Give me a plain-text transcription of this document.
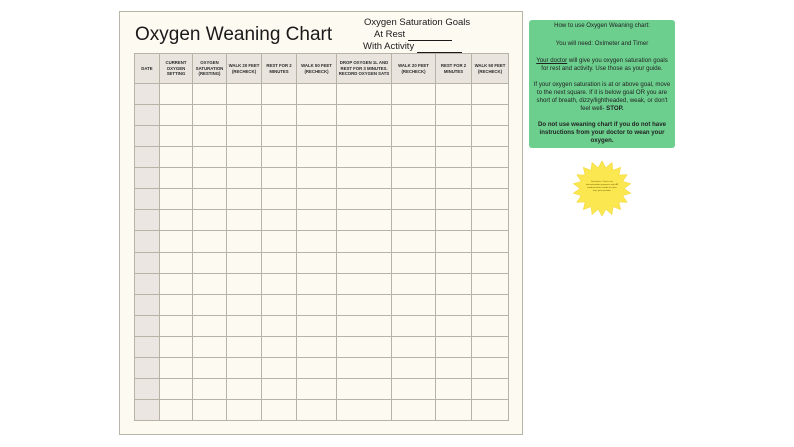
Oxygen Weaning Chart
Oxygen Saturation Goals
At Rest
With Activity
DATE	CURRENT OXYGEN SETTING	OXYGEN SATURATION (RESTING)	WALK 20 FEET (RECHECK)	REST FOR 2 MINUTES	WALK 50 FEET (RECHECK)	DROP OXYGEN 1L AND REST FOR 3 MINUTES. RECORD OXYGEN SATS	WALK 20 FEET (RECHECK)	REST FOR 2 MINUTES	WALK 50 FEET (RECHECK)

How to use Oxygen Weaning chart:

You will need: Oximeter and Timer

Your doctor will give you oxygen saturation goals for rest and activity. Use those as your guide.

If your oxygen saturation is at or above goal, move to the next square. If it is below goal OR you are short of breath, dizzy/lightheaded, weak, or don't feel well- STOP.

Do not use weaning chart if you do not have instructions from your doctor to wean your oxygen.

Disclaimer: Chart is for documentation purposes only. All medical advice needs to come from your provider.
